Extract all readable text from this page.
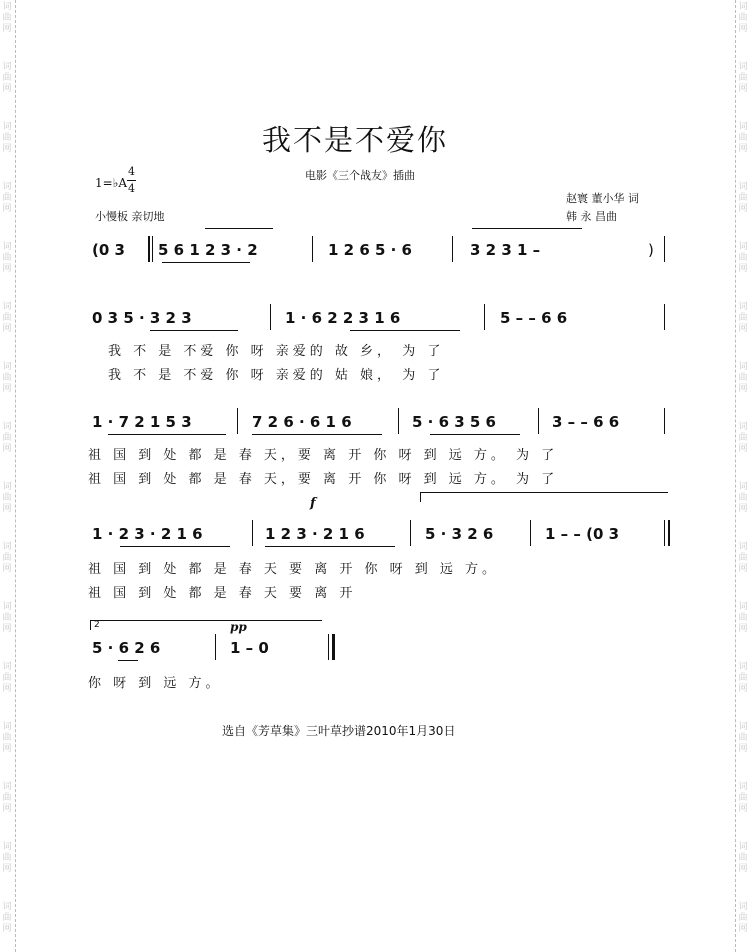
词
曲
网
词
曲
网
词
曲
网
词
曲
网
词
曲
网
词
曲
网
词
曲
网
词
曲
网
词
曲
网
词
曲
网
词
曲
网
词
曲
网
词
曲
网
词
曲
网
词
曲
网
词
曲
网
词
曲
网
词
曲
网
词
曲
网
词
曲
网
词
曲
网
词
曲
网
词
曲
网
词
曲
网
词
曲
网
词
曲
网
词
曲
网
词
曲
网
词
曲
网
词
曲
网
词
曲
网
词
曲
网
我不是不爱你
电影《三个战友》插曲
1=♭A
4
4
小慢板 亲切地
赵寰 董小华 词
韩 永 昌曲
(0 3 5 6 1 2 3 · 2	1 2 6 5 · 6	3 2 3 1 –	)
0 3 5 · 3 2 3	1 · 6 2 2 3 1 6	5 – – 6 6
我 不 是 不爱 你 呀 亲爱的 故 乡， 为 了
我 不 是 不爱 你 呀 亲爱的 姑 娘， 为 了
1 · 7 2 1 5 3	7 2 6 · 6 1 6	5 · 6 3 5 6	3 – – 6 6
祖 国 到 处 都 是 春 天，要 离 开 你 呀 到 远 方。 为 了
祖 国 到 处 都 是 春 天，要 离 开 你 呀 到 远 方。 为 了
f
1 · 2 3 · 2 1 6	1 2 3 · 2 1 6	5 · 3 2 6	1 – – (0 3
祖 国 到 处 都 是 春 天 要 离 开 你 呀 到 远 方。
祖 国 到 处 都 是 春 天 要 离 开
2	pp
5 · 6 2 6	1 – 0
你 呀 到 远 方。
选自《芳草集》三叶草抄谱2010年1月30日
